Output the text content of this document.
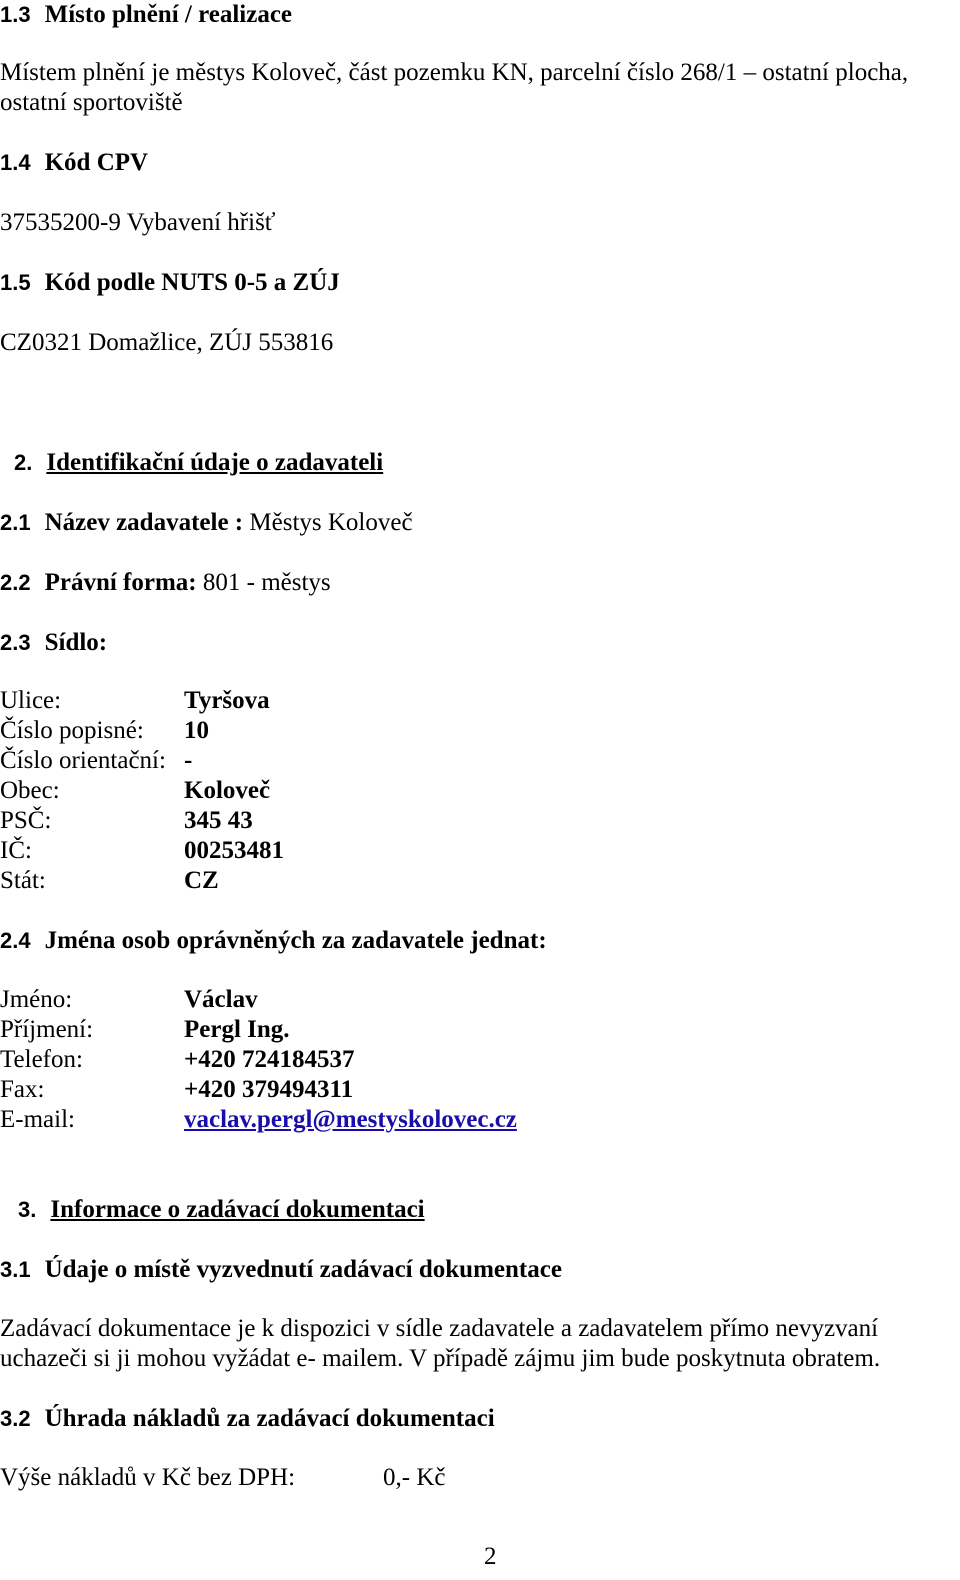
1.3 Místo plnění / realizace
Místem plnění je městys Koloveč, část pozemku KN, parcelní číslo 268/1 – ostatní plocha,
ostatní sportoviště
1.4 Kód CPV
37535200-9 Vybavení hřišť
1.5 Kód podle NUTS 0-5 a ZÚJ
CZ0321 Domažlice, ZÚJ 553816
2. Identifikační údaje o zadavateli
2.1 Název zadavatele : Městys Koloveč
2.2 Právní forma: 801 - městys
2.3 Sídlo:
Ulice:	Tyršova
Číslo popisné: 10
Číslo orientační: -
Obec:	Koloveč
PSČ:	345 43
IČ:	00253481
Stát:	CZ
2.4 Jména osob oprávněných za zadavatele jednat:
Jméno:	Václav
Příjmení:	Pergl Ing.
Telefon:	+420 724184537
Fax:	+420 379494311
E-mail:	vaclav.pergl@mestyskolovec.cz
3. Informace o zadávací dokumentaci
3.1 Údaje o místě vyzvednutí zadávací dokumentace
Zadávací dokumentace je k dispozici v sídle zadavatele a zadavatelem přímo nevyzvaní
uchazeči si ji mohou vyžádat e- mailem. V případě zájmu jim bude poskytnuta obratem.
3.2 Úhrada nákladů za zadávací dokumentaci
Výše nákladů v Kč bez DPH:	0,- Kč
2
